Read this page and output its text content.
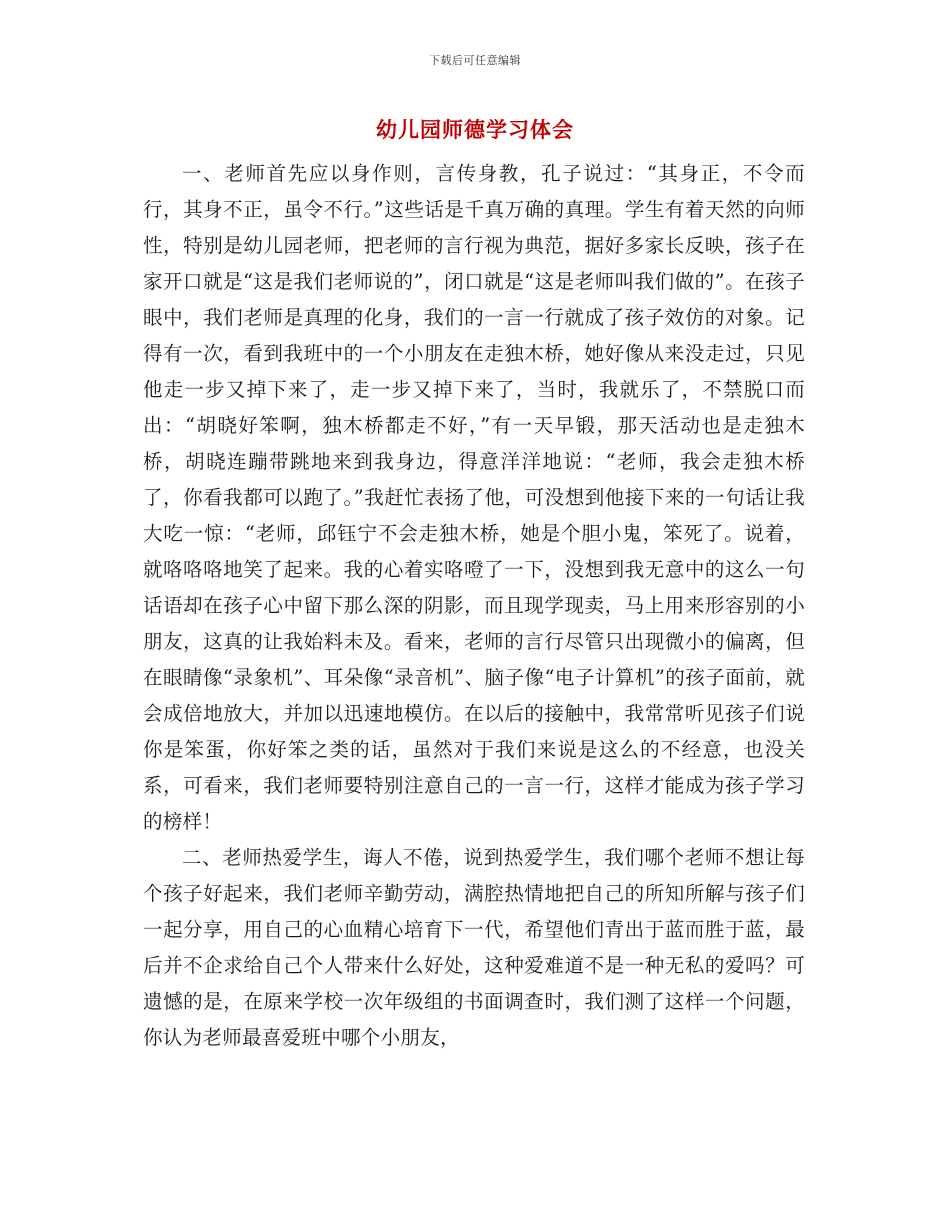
下载后可任意编辑
幼儿园师德学习体会

一、老师首先应以身作则，言传身教，孔子说过：“其身正，不令而行，其身不正，虽令不行。”这些话是千真万确的真理。学生有着天然的向师性，特别是幼儿园老师，把老师的言行视为典范，据好多家长反映，孩子在家开口就是“这是我们老师说的”，闭口就是“这是老师叫我们做的”。在孩子眼中，我们老师是真理的化身，我们的一言一行就成了孩子效仿的对象。记得有一次，看到我班中的一个小朋友在走独木桥，她好像从来没走过，只见他走一步又掉下来了，走一步又掉下来了，当时，我就乐了，不禁脱口而出：“胡晓好笨啊，独木桥都走不好，”有一天早锻，那天活动也是走独木桥，胡晓连蹦带跳地来到我身边，得意洋洋地说：“老师，我会走独木桥了，你看我都可以跑了。”我赶忙表扬了他，可没想到他接下来的一句话让我大吃一惊：“老师，邱钰宁不会走独木桥，她是个胆小鬼，笨死了。说着，就咯咯咯地笑了起来。我的心着实咯噔了一下，没想到我无意中的这么一句话语却在孩子心中留下那么深的阴影，而且现学现卖，马上用来形容别的小朋友，这真的让我始料未及。看来，老师的言行尽管只出现微小的偏离，但在眼睛像“录象机”、耳朵像“录音机”、脑子像“电子计算机”的孩子面前，就会成倍地放大，并加以迅速地模仿。在以后的接触中，我常常听见孩子们说你是笨蛋，你好笨之类的话，虽然对于我们来说是这么的不经意，也没关系，可看来，我们老师要特别注意自己的一言一行，这样才能成为孩子学习的榜样！

二、老师热爱学生，诲人不倦，说到热爱学生，我们哪个老师不想让每个孩子好起来，我们老师辛勤劳动，满腔热情地把自己的所知所解与孩子们一起分享，用自己的心血精心培育下一代，希望他们青出于蓝而胜于蓝，最后并不企求给自己个人带来什么好处，这种爱难道不是一种无私的爱吗？可遗憾的是，在原来学校一次年级组的书面调查时，我们测了这样一个问题，你认为老师最喜爱班中哪个小朋友，
